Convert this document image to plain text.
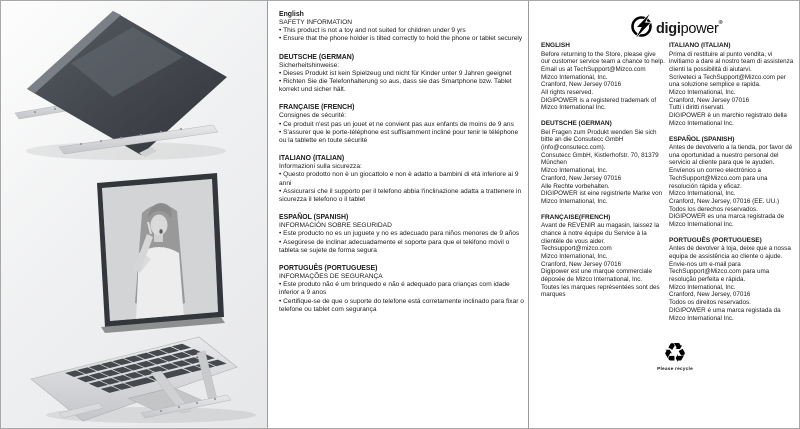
English
SAFETY INFORMATION
• This product is not a toy and not suited for children under 9 yrs
• Ensure that the phone holder is tilted correctly to hold the phone or tablet securely
DEUTSCHE (GERMAN)
Sicherheitshinweise:
• Dieses Produkt ist kein Spielzeug und nicht für Kinder unter 9 Jahren geeignet
• Richten Sie die Telefonhalterung so aus, dass sie das Smartphone bzw. Tablet korrekt und sicher hält.
FRANÇAISE (FRENCH)
Consignes de sécurité:
• Ce produit n'est pas un jouet et ne convient pas aux enfants de moins de 9 ans
• S'assurer que le porte-téléphone est suffisamment incliné pour tenir le téléphone ou la tablette en toute sécurité
ITALIANO (ITALIAN)
Informazioni sulla sicurezza:
• Questo prodotto non è un giocattolo e non è adatto a bambini di età inferiore ai 9 anni
• Assicurarsi che il supporto per il telefono abbia l'inclinazione adatta a trattenere in sicurezza il telefono o il tablet
ESPAÑOL (SPANISH)
INFORMACIÓN SOBRE SEGURIDAD
• Este producto no es un juguete y no es adecuado para niños menores de 9 años
• Asegúrese de inclinar adecuadamente el soporte para que el teléfono móvil o tableta se sujete de forma segura
PORTUGUÊS (PORTUGUESE)
INFORMAÇÕES DE SEGURANÇA
• Este produto não é um brinquedo e não é adequado para crianças com idade inferior a 9 anos
• Certifique-se de que o suporte do telefone está corretamente inclinado para fixar o telefone ou tablet com segurança
digipower®
ENGLISH
Before returning to the Store, please give our customer service team a chance to help.
Email us at TechSupport@Mizco.com
Mizco International, Inc.
Cranford, New Jersey 07016
All rights reserved.
DIGIPOWER is a registered trademark of Mizco International Inc.
DEUTSCHE (GERMAN)
Bei Fragen zum Produkt wenden Sie sich bitte an die Consutecc GmbH (info@consutecc.com).
Consutecc GmbH, Kistlerhofstr. 70, 81379 München
Mizco International, Inc.
Cranford, New Jersey 07016
Alle Rechte vorbehalten.
DIGIPOWER ist eine registrierte Marke von Mizco International, Inc.
FRANÇAISE(FRENCH)
Avant de REVENIR au magasin, laissez la chance à notre équipe du Service à la clientèle de vous aider.
Techsupport@mizco.com
Mizco International, Inc.
Cranford, New Jersey 07016
Digipower est une marque commerciale déposée de Mizco International, Inc.
Toutes les marques représentées sont des marques
ITALIANO (ITALIAN)
Prima di restituire al punto vendita, vi invitiamo a dare al nostro team di assistenza clienti la possibilità di aiutarvi.
Scriveteci a TechSupport@Mizco.com per una soluzione semplice e rapida.
Mizco International, Inc.
Cranford, New Jersey 07016
Tutti i diritti riservati.
DIGIPOWER è un marchio registrato della Mizco International Inc.
ESPAÑOL (SPANISH)
Antes de devolverlo a la tienda, por favor dé una oportunidad a nuestro personal del servicio al cliente para que le ayuden.
Envíenos un correo electrónico a TechSupport@Mizco.com para una resolución rápida y eficaz.
Mizco International, Inc.
Cranford, New Jersey, 07016 (EE. UU.)
Todos los derechos reservados.
DIGIPOWER es una marca registrada de Mizco International Inc.
PORTUGUÊS (PORTUGUESE)
Antes de devolver à loja, deixe que a nossa equipa de assistência ao cliente o ajude.
Envie-nos um e-mail para TechSupport@Mizco.com para uma resolução perfeita e rápida.
Mizco International, Inc.
Cranford, New Jersey, 07016
Todos os direitos reservados.
DIGIPOWER é uma marca registada da Mizco International Inc.
♻
Please recycle
